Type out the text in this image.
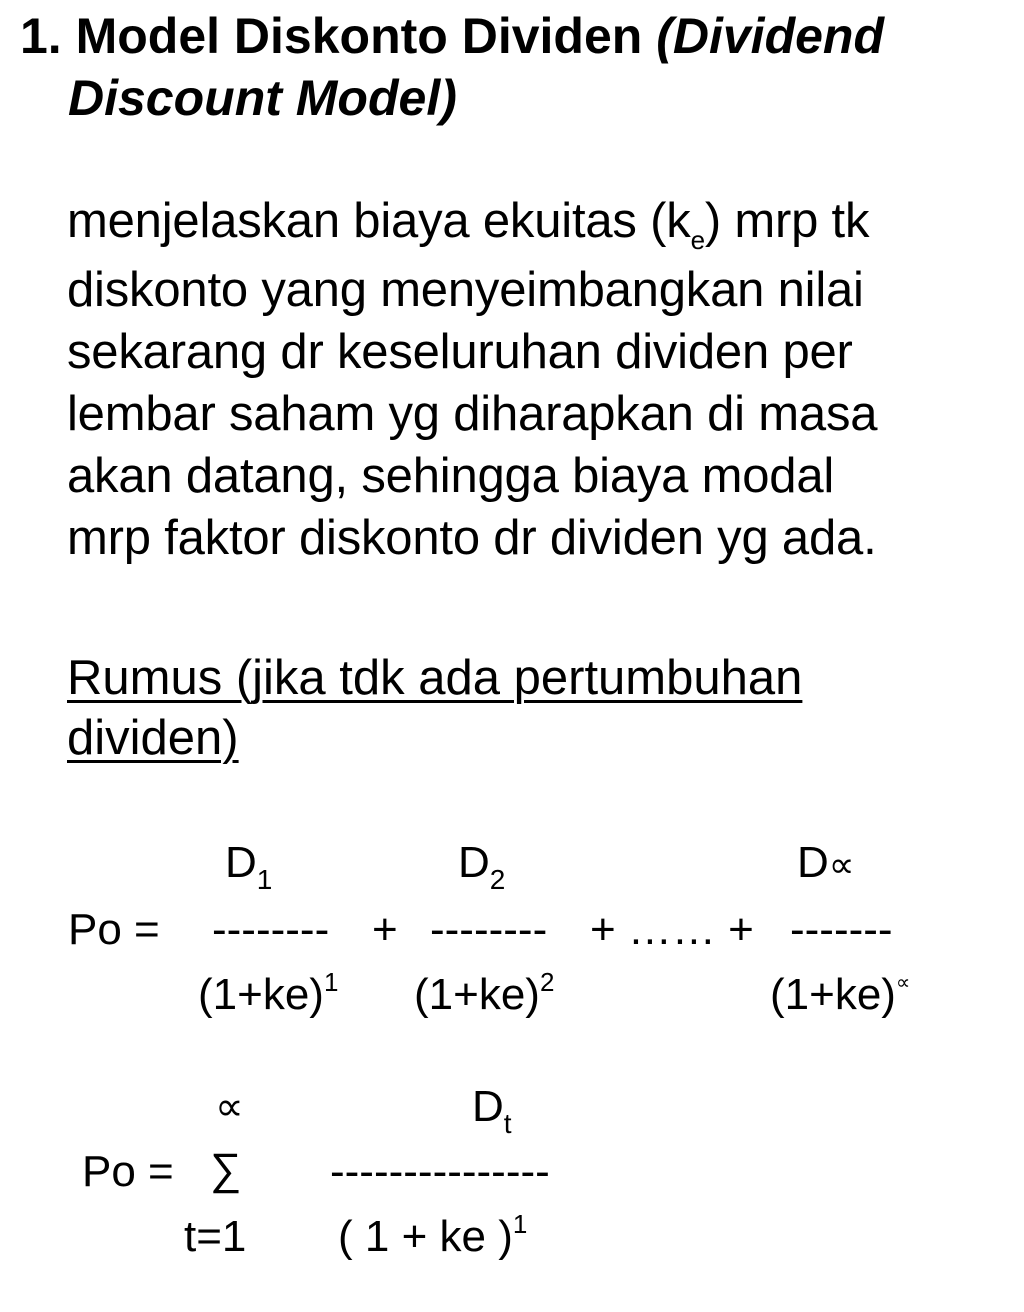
1. Model Diskonto Dividen (Dividend
Discount Model)
menjelaskan biaya ekuitas $(k_e)$ mrp tk
diskonto yang menyeimbangkan nilai
sekarang dr keseluruhan dividen per
lembar saham yg diharapkan di masa
akan datang, sehingga biaya modal
mrp faktor diskonto dr dividen yg ada.
Rumus (jika tdk ada pertumbuhan
dividen)
$D_1$	$D_2$	D∝
Po = -------- + -------- + …… + -------
$(1+ke)^1$ $(1+ke)^2$	(1+ke)∝
∝	$D_t$
Po = ∑ ---------------
t=1 ( 1 + ke )$^1$
